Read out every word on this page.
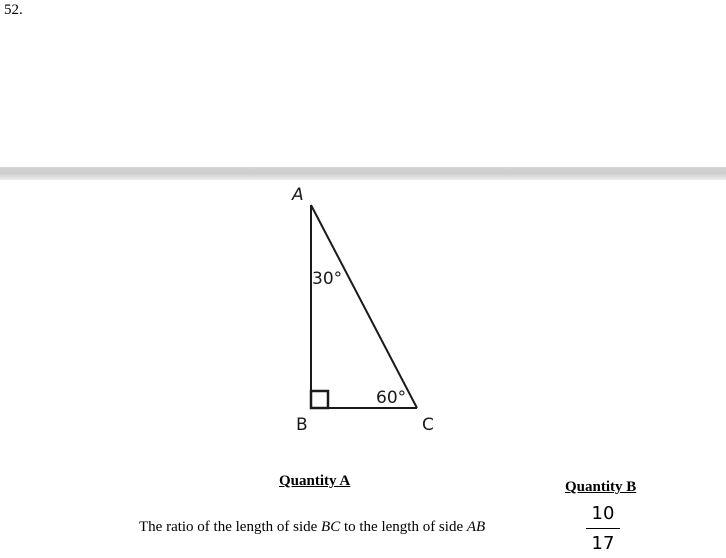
52.
A
B	C
30°
60°
Quantity A	Quantity B
The ratio of the length of side BC to the length of side AB
10
17
